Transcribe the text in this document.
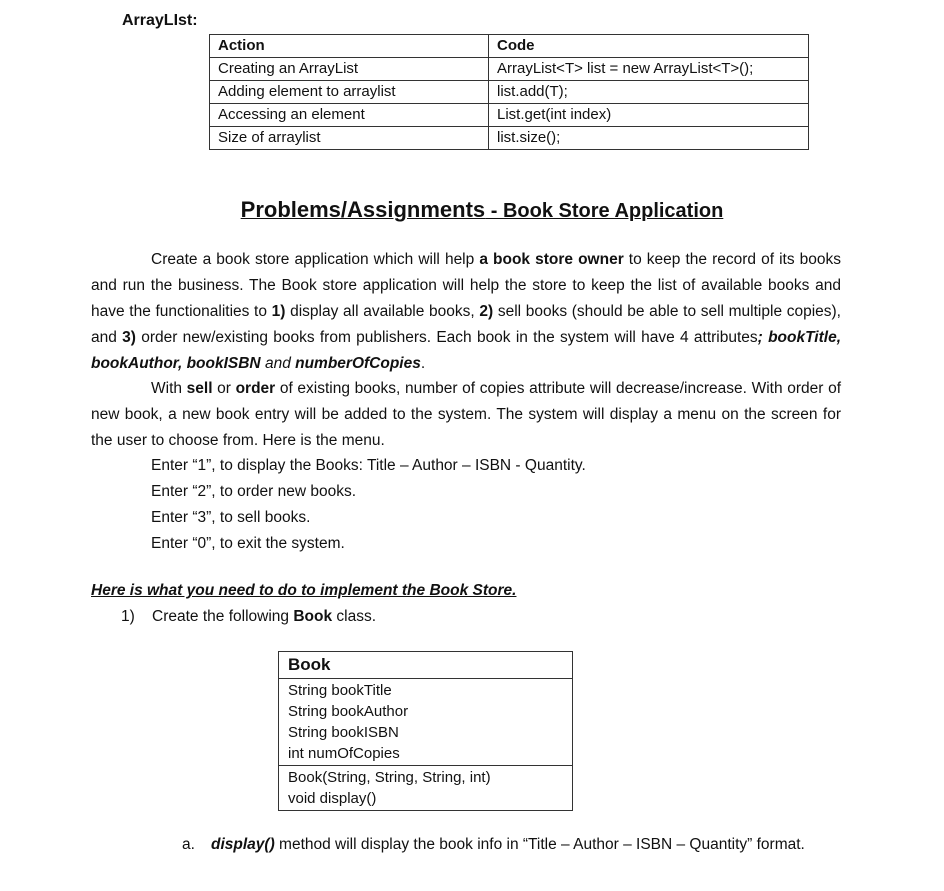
ArrayLIst:
Action	Code
Creating an ArrayList	ArrayList<T> list = new ArrayList<T>();
Adding element to arraylist	list.add(T);
Accessing an element	List.get(int index)
Size of arraylist	list.size();
Problems/Assignments - Book Store Application
Create a book store application which will help a book store owner to keep the record of its books and run the business. The Book store application will help the store to keep the list of available books and have the functionalities to 1) display all available books, 2) sell books (should be able to sell multiple copies), and 3) order new/existing books from publishers. Each book in the system will have 4 attributes; bookTitle, bookAuthor, bookISBN and numberOfCopies.
With sell or order of existing books, number of copies attribute will decrease/increase. With order of new book, a new book entry will be added to the system. The system will display a menu on the screen for the user to choose from. Here is the menu.
Enter “1”, to display the Books: Title – Author – ISBN - Quantity.
Enter “2”, to order new books.
Enter “3”, to sell books.
Enter “0”, to exit the system.
Here is what you need to do to implement the Book Store.
1) Create the following Book class.
Book
String bookTitle
String bookAuthor
String bookISBN
int numOfCopies
Book(String, String, String, int)
void display()
a. display() method will display the book info in “Title – Author – ISBN – Quantity” format.
